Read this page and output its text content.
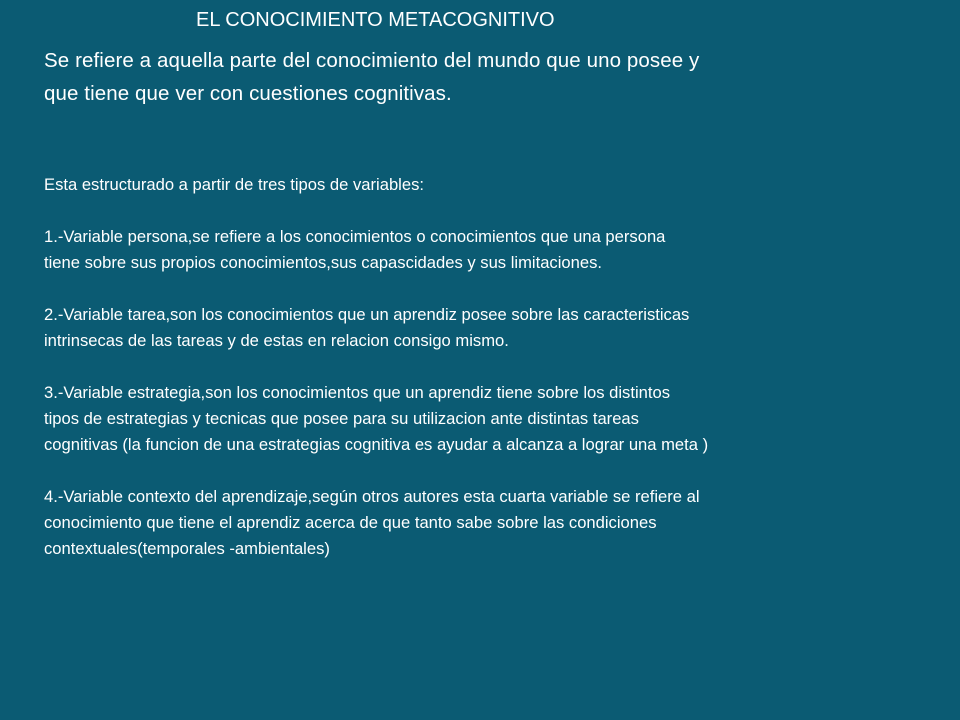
EL CONOCIMIENTO METACOGNITIVO
Se refiere a aquella parte del conocimiento del mundo que uno posee y
que tiene que ver con cuestiones cognitivas.
Esta estructurado a partir de tres tipos de variables:
1.-Variable persona,se refiere a los conocimientos o conocimientos que una persona
tiene sobre sus propios conocimientos,sus capascidades y sus limitaciones.
2.-Variable tarea,son los conocimientos que un aprendiz posee sobre las caracteristicas
intrinsecas de las tareas y de estas en relacion consigo mismo.
3.-Variable estrategia,son los conocimientos que un aprendiz tiene sobre los distintos
tipos de estrategias y tecnicas que posee para su utilizacion ante distintas tareas
cognitivas (la funcion de una estrategias cognitiva es ayudar a alcanza a lograr una meta )
4.-Variable contexto del aprendizaje,según otros autores esta cuarta variable se refiere al
conocimiento que tiene el aprendiz acerca de que tanto sabe sobre las condiciones
contextuales(temporales -ambientales)
